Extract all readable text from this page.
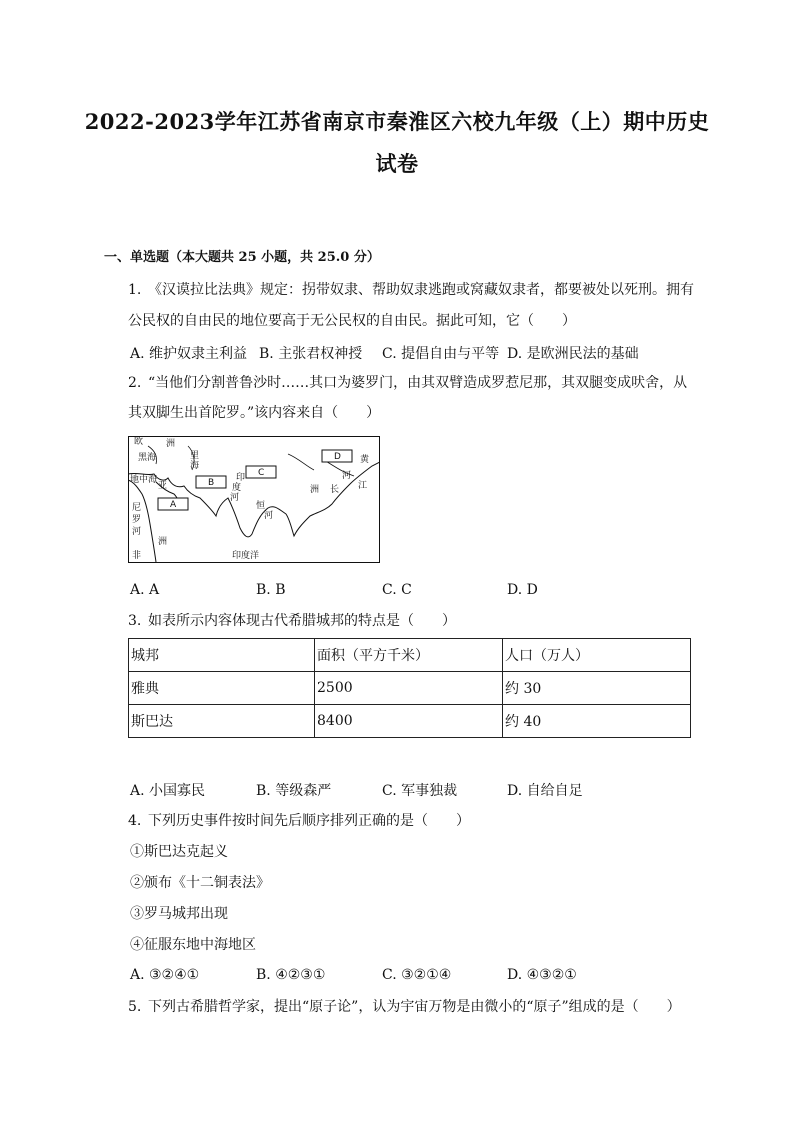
2022-2023学年江苏省南京市秦淮区六校九年级（上）期中历史
试卷
一、单选题（本大题共 25 小题，共 25.0 分）
1. 《汉谟拉比法典》规定：拐带奴隶、帮助奴隶逃跑或窝藏奴隶者，都要被处以死刑。拥有
公民权的自由民的地位要高于无公民权的自由民。据此可知，它（　　）
A. 维护奴隶主利益 B. 主张君权神授 C. 提倡自由与平等 D. 是欧洲民法的基础
2. “当他们分割普鲁沙时……其口为婆罗门，由其双臂造成罗惹尼那，其双腿变成吠舍，从
其双脚生出首陀罗。”该内容来自（　　）
欧	洲
黑海	里
海
地中海
亚
A
B
C
D
印
度
河
恒
河
尼
罗
河
非
洲
印度洋
黄
河
长 江
洲
A. A	B. B	C. C	D. D
3. 如表所示内容体现古代希腊城邦的特点是（　　）
城邦	面积（平方千米）	人口（万人）
雅典	2500	约 30
斯巴达	8400	约 40
A. 小国寡民	B. 等级森严	C. 军事独裁	D. 自给自足
4. 下列历史事件按时间先后顺序排列正确的是（　　）
①斯巴达克起义
②颁布《十二铜表法》
③罗马城邦出现
④征服东地中海地区
A. ③②④①	B. ④②③①	C. ③②①④	D. ④③②①
5. 下列古希腊哲学家，提出“原子论”，认为宇宙万物是由微小的“原子”组成的是（　　）
